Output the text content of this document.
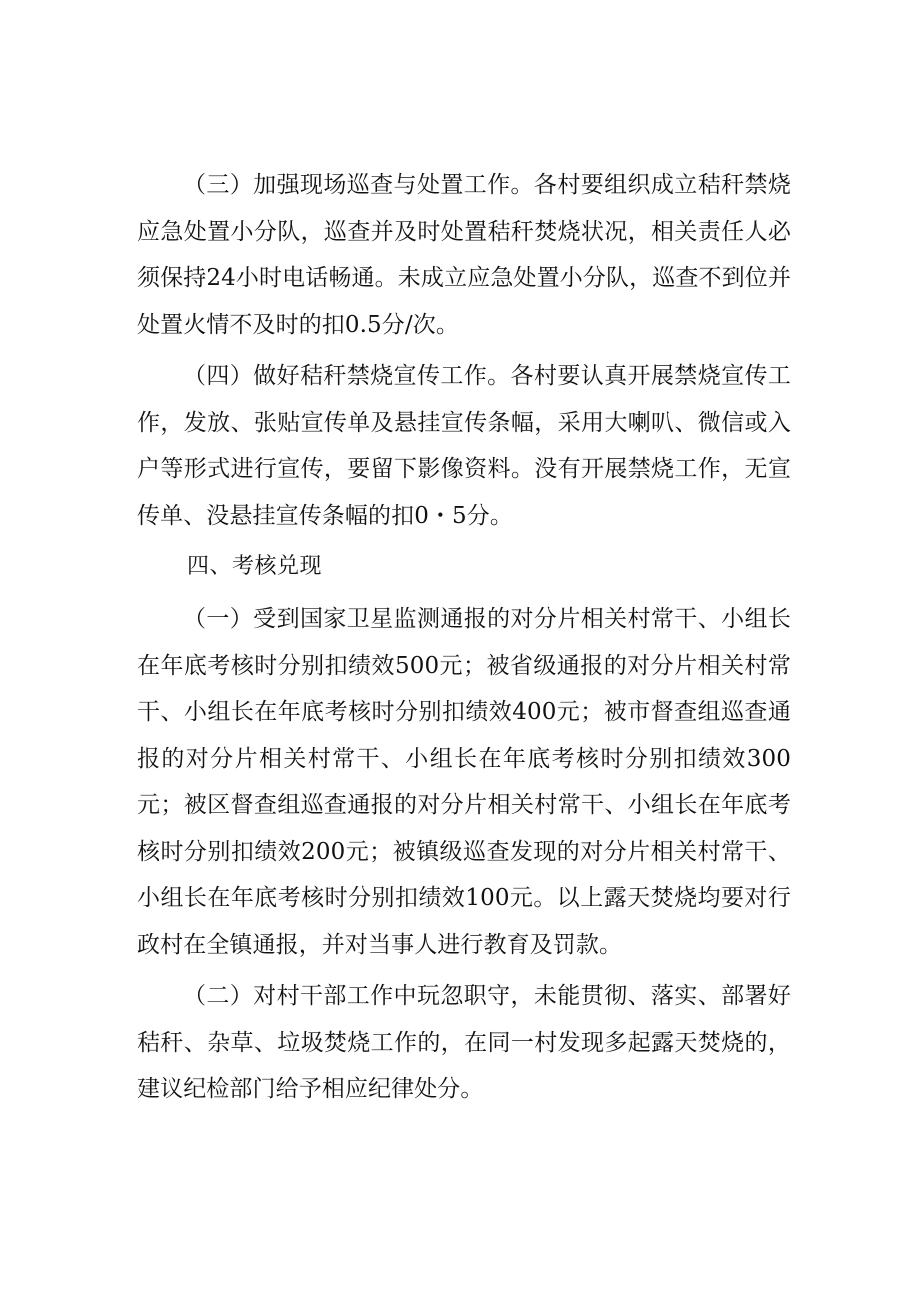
（三）加强现场巡查与处置工作。各村要组织成立秸秆禁烧应急处置小分队，巡查并及时处置秸秆焚烧状况，相关责任人必须保持24小时电话畅通。未成立应急处置小分队，巡查不到位并处置火情不及时的扣0.5分/次。

（四）做好秸秆禁烧宣传工作。各村要认真开展禁烧宣传工作，发放、张贴宣传单及悬挂宣传条幅，采用大喇叭、微信或入户等形式进行宣传，要留下影像资料。没有开展禁烧工作，无宣传单、没悬挂宣传条幅的扣0・5分。

四、考核兑现

（一）受到国家卫星监测通报的对分片相关村常干、小组长在年底考核时分别扣绩效500元；被省级通报的对分片相关村常干、小组长在年底考核时分别扣绩效400元；被市督查组巡查通报的对分片相关村常干、小组长在年底考核时分别扣绩效300元；被区督查组巡查通报的对分片相关村常干、小组长在年底考核时分别扣绩效200元；被镇级巡查发现的对分片相关村常干、小组长在年底考核时分别扣绩效100元。以上露天焚烧均要对行政村在全镇通报，并对当事人进行教育及罚款。

（二）对村干部工作中玩忽职守，未能贯彻、落实、部署好秸秆、杂草、垃圾焚烧工作的，在同一村发现多起露天焚烧的，建议纪检部门给予相应纪律处分。
